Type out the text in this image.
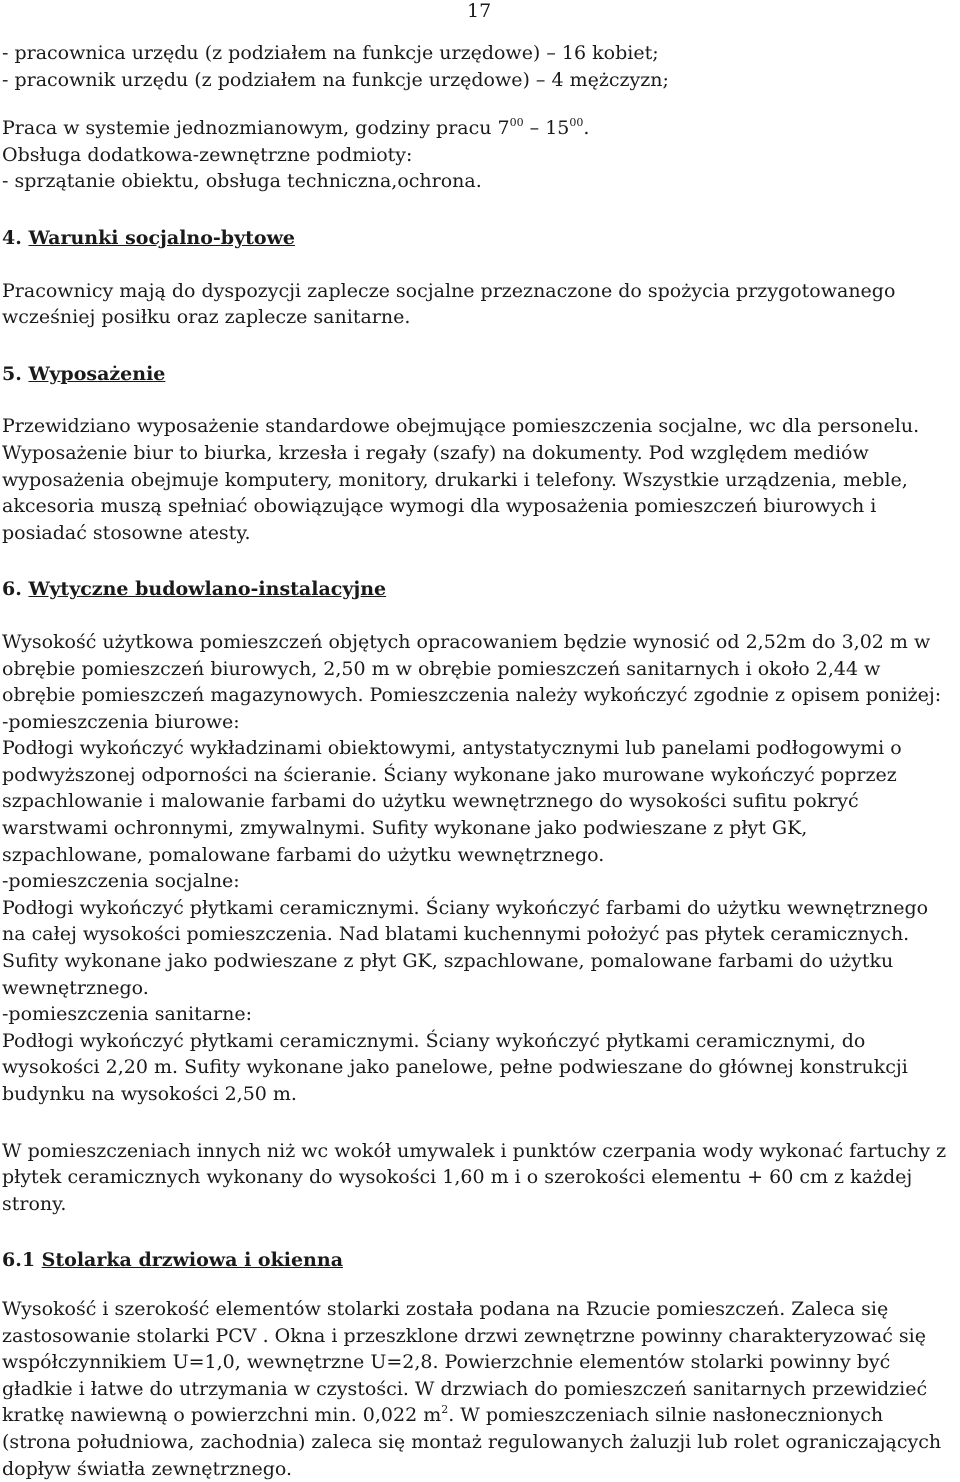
17

- pracownica urzędu (z podziałem na funkcje urzędowe) – 16 kobiet;

- pracownik urzędu (z podziałem na funkcje urzędowe) – 4 mężczyzn;

Praca w systemie jednozmianowym, godziny pracu $7^{00} - 15^{00}$.

Obsługa dodatkowa-zewnętrzne podmioty:

- sprzątanie obiektu, obsługa techniczna,ochrona.

4. Warunki socjalno-bytowe

Pracownicy mają do dyspozycji zaplecze socjalne przeznaczone do spożycia przygotowanego wcześniej posiłku oraz zaplecze sanitarne.

5. Wyposażenie

Przewidziano wyposażenie standardowe obejmujące pomieszczenia socjalne, wc dla personelu. Wyposażenie biur to biurka, krzesła i regały (szafy) na dokumenty. Pod względem mediów wyposażenia obejmuje komputery, monitory, drukarki i telefony. Wszystkie urządzenia, meble, akcesoria muszą spełniać obowiązujące wymogi dla wyposażenia pomieszczeń biurowych i posiadać stosowne atesty.

6. Wytyczne budowlano-instalacyjne

Wysokość użytkowa pomieszczeń objętych opracowaniem będzie wynosić od 2,52m do 3,02 m w obrębie pomieszczeń biurowych, 2,50 m w obrębie pomieszczeń sanitarnych i około 2,44 w obrębie pomieszczeń magazynowych. Pomieszczenia należy wykończyć zgodnie z opisem poniżej:

-pomieszczenia biurowe:

Podłogi wykończyć wykładzinami obiektowymi, antystatycznymi lub panelami podłogowymi o podwyższonej odporności na ścieranie. Ściany wykonane jako murowane wykończyć poprzez szpachlowanie i malowanie farbami do użytku wewnętrznego do wysokości sufitu pokryć warstwami ochronnymi, zmywalnymi. Sufity wykonane jako podwieszane z płyt GK, szpachlowane, pomalowane farbami do użytku wewnętrznego.

-pomieszczenia socjalne:

Podłogi wykończyć płytkami ceramicznymi. Ściany wykończyć farbami do użytku wewnętrznego na całej wysokości pomieszczenia. Nad blatami kuchennymi położyć pas płytek ceramicznych. Sufity wykonane jako podwieszane z płyt GK, szpachlowane, pomalowane farbami do użytku wewnętrznego.

-pomieszczenia sanitarne:

Podłogi wykończyć płytkami ceramicznymi. Ściany wykończyć płytkami ceramicznymi, do wysokości 2,20 m. Sufity wykonane jako panelowe, pełne podwieszane do głównej konstrukcji budynku na wysokości 2,50 m.

W pomieszczeniach innych niż wc wokół umywalek i punktów czerpania wody wykonać fartuchy z płytek ceramicznych wykonany do wysokości 1,60 m i o szerokości elementu + 60 cm z każdej strony.

6.1 Stolarka drzwiowa i okienna

Wysokość i szerokość elementów stolarki została podana na Rzucie pomieszczeń. Zaleca się zastosowanie stolarki PCV . Okna i przeszklone drzwi zewnętrzne powinny charakteryzować się współczynnikiem U=1,0, wewnętrzne U=2,8. Powierzchnie elementów stolarki powinny być gładkie i łatwe do utrzymania w czystości. W drzwiach do pomieszczeń sanitarnych przewidzieć kratkę nawiewną o powierzchni min. 0,022 $m^2$. W pomieszczeniach silnie nasłonecznionych (strona południowa, zachodnia) zaleca się montaż regulowanych żaluzji lub rolet ograniczających dopływ światła zewnętrznego.
